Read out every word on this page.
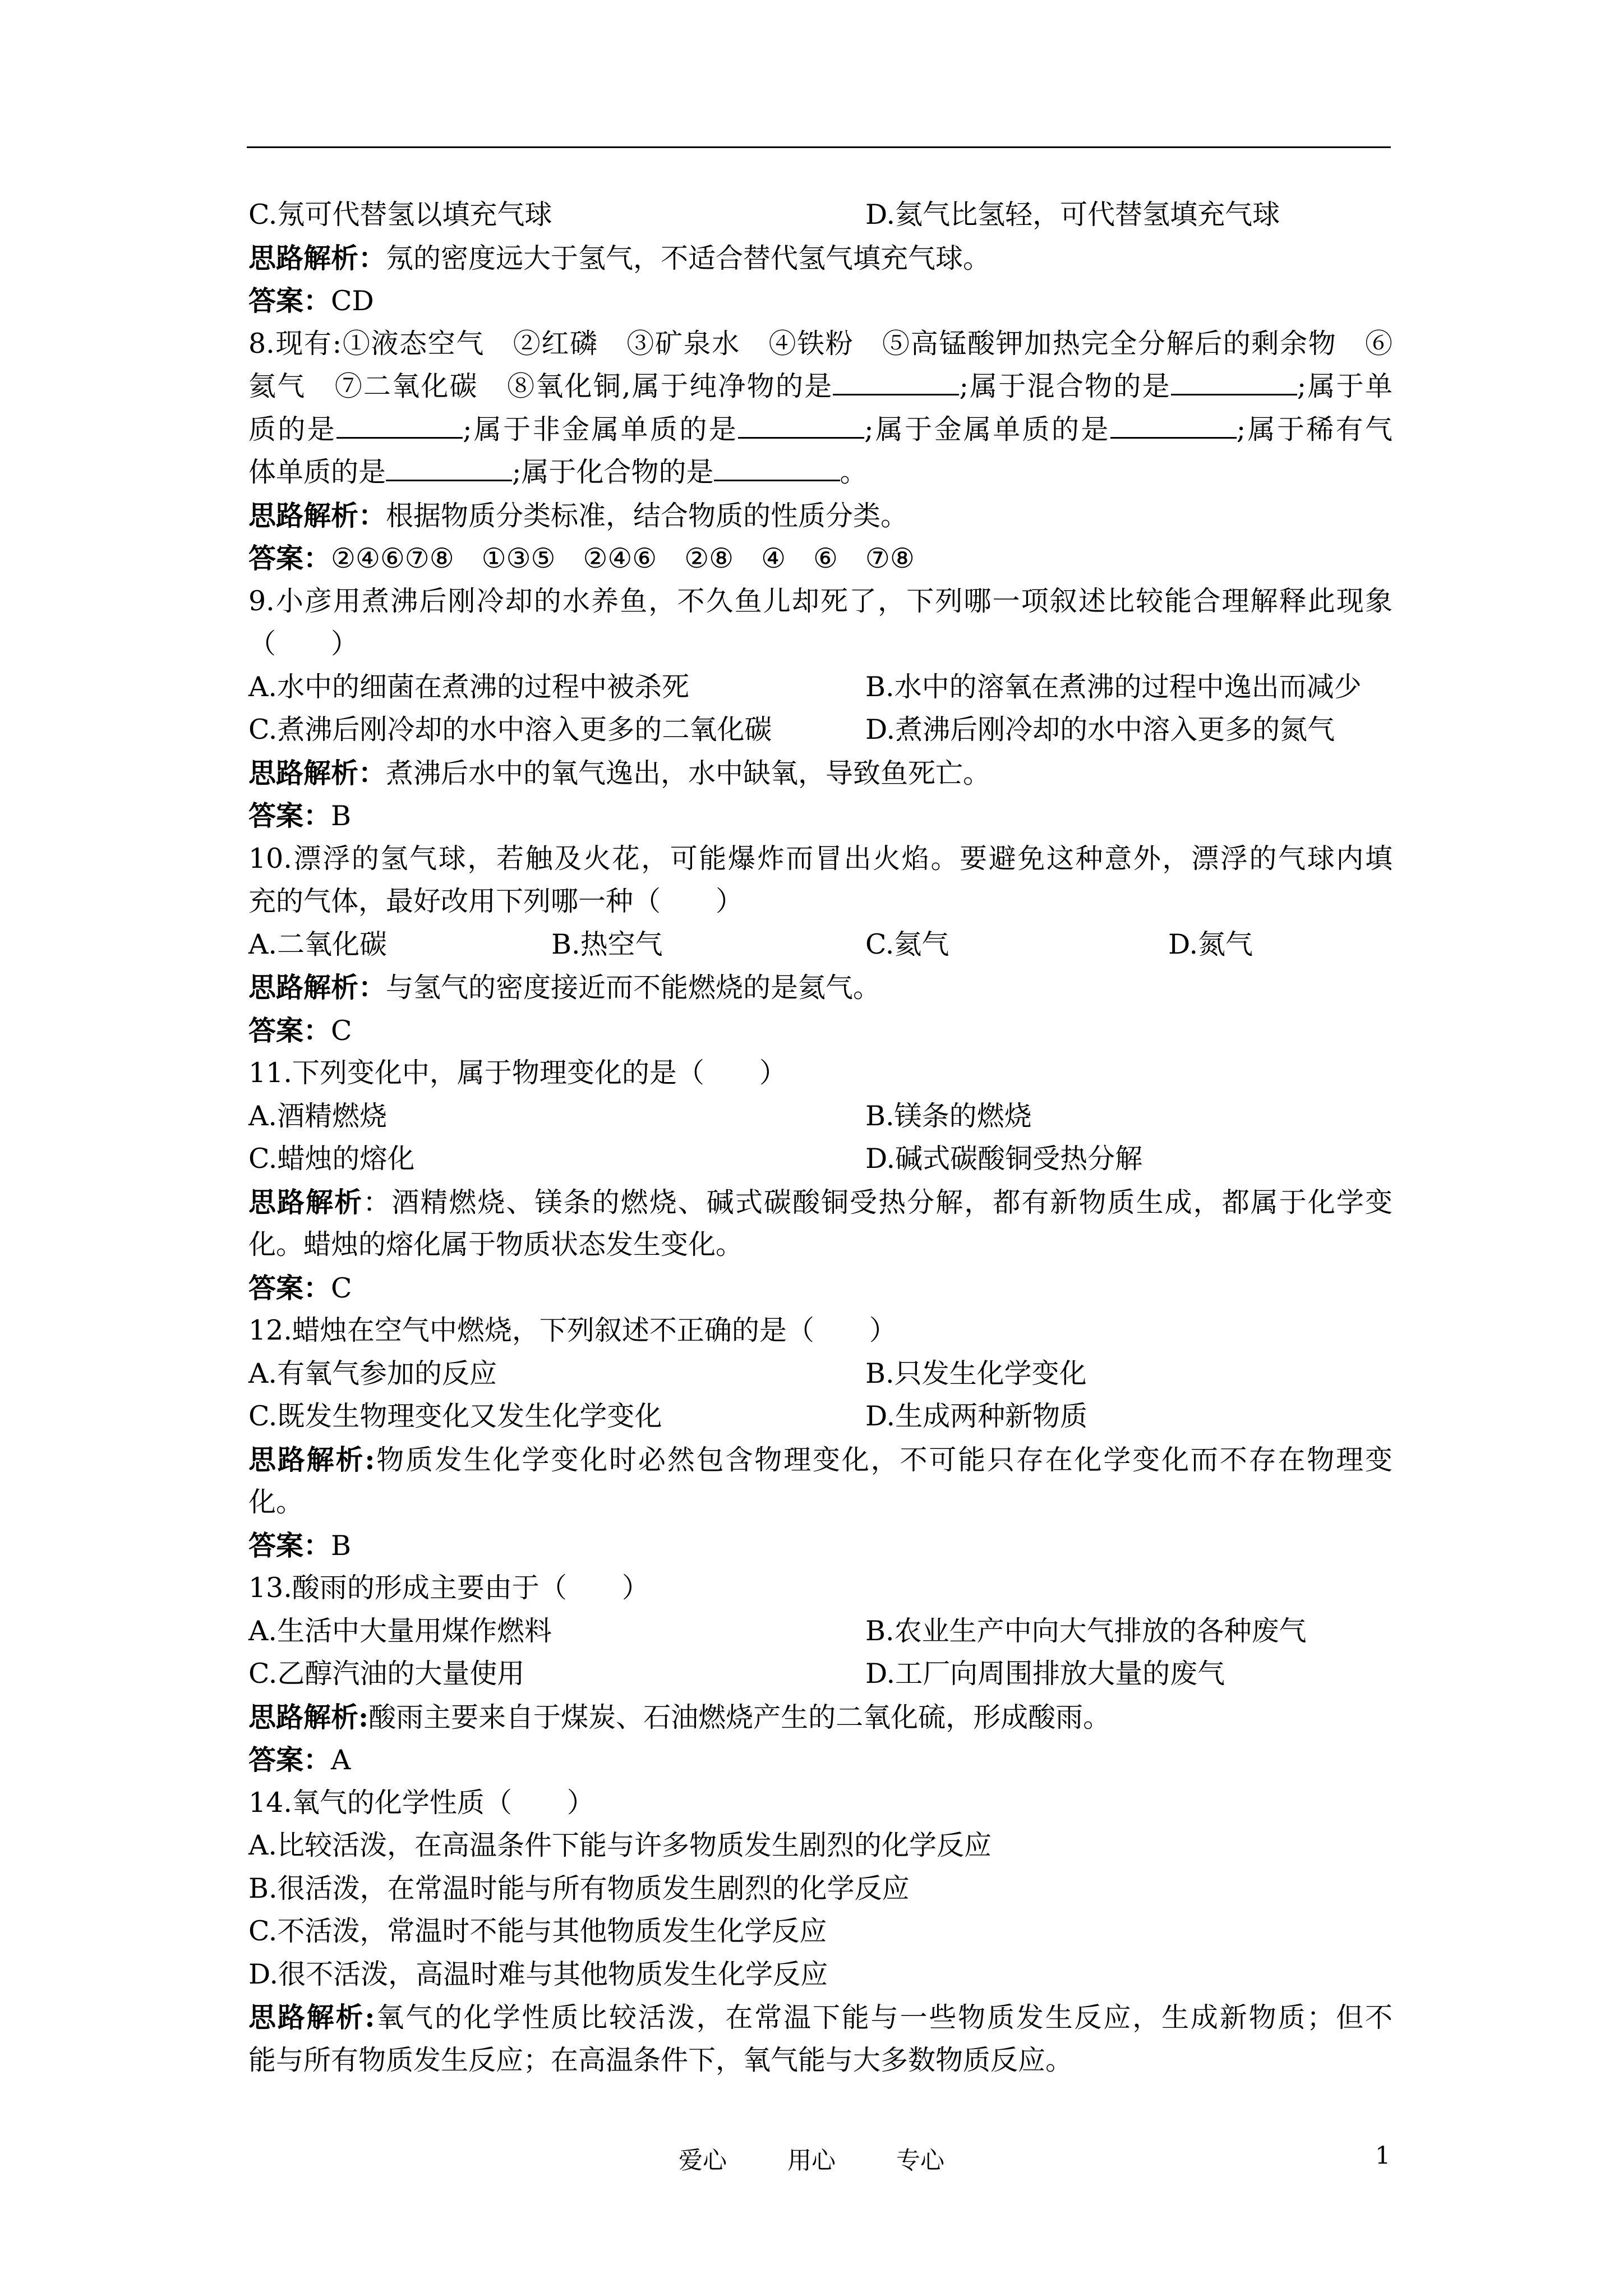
C.氖可代替氢以填充气球	D.氦气比氢轻，可代替氢填充气球
思路解析：氖的密度远大于氢气，不适合替代氢气填充气球。
答案：CD
8.现有:①液态空气　②红磷　③矿泉水　④铁粉　⑤高锰酸钾加热完全分解后的剩余物　⑥
氦气　⑦二氧化碳　⑧氧化铜,属于纯净物的是	;属于混合物的是	;属于单
质的是	;属于非金属单质的是	;属于金属单质的是	;属于稀有气
体单质的是	;属于化合物的是	。
思路解析：根据物质分类标准，结合物质的性质分类。
答案：②④⑥⑦⑧　①③⑤　②④⑥　②⑧　④　⑥　⑦⑧
9.小彦用煮沸后刚冷却的水养鱼，不久鱼儿却死了，下列哪一项叙述比较能合理解释此现象
（　　）
A.水中的细菌在煮沸的过程中被杀死	B.水中的溶氧在煮沸的过程中逸出而减少
C.煮沸后刚冷却的水中溶入更多的二氧化碳	D.煮沸后刚冷却的水中溶入更多的氮气
思路解析：煮沸后水中的氧气逸出，水中缺氧，导致鱼死亡。
答案：B
10.漂浮的氢气球，若触及火花，可能爆炸而冒出火焰。要避免这种意外，漂浮的气球内填
充的气体，最好改用下列哪一种（　　）
A.二氧化碳	B.热空气	C.氦气	D.氮气
思路解析：与氢气的密度接近而不能燃烧的是氦气。
答案：C
11.下列变化中，属于物理变化的是（　　）
A.酒精燃烧	B.镁条的燃烧
C.蜡烛的熔化	D.碱式碳酸铜受热分解
思路解析：酒精燃烧、镁条的燃烧、碱式碳酸铜受热分解，都有新物质生成，都属于化学变
化。蜡烛的熔化属于物质状态发生变化。
答案：C
12.蜡烛在空气中燃烧，下列叙述不正确的是（　　）
A.有氧气参加的反应	B.只发生化学变化
C.既发生物理变化又发生化学变化	D.生成两种新物质
思路解析:物质发生化学变化时必然包含物理变化，不可能只存在化学变化而不存在物理变
化。
答案：B
13.酸雨的形成主要由于（　　）
A.生活中大量用煤作燃料	B.农业生产中向大气排放的各种废气
C.乙醇汽油的大量使用	D.工厂向周围排放大量的废气
思路解析:酸雨主要来自于煤炭、石油燃烧产生的二氧化硫，形成酸雨。
答案：A
14.氧气的化学性质（　　）
A.比较活泼，在高温条件下能与许多物质发生剧烈的化学反应
B.很活泼，在常温时能与所有物质发生剧烈的化学反应
C.不活泼，常温时不能与其他物质发生化学反应
D.很不活泼，高温时难与其他物质发生化学反应
思路解析:氧气的化学性质比较活泼，在常温下能与一些物质发生反应，生成新物质；但不
能与所有物质发生反应；在高温条件下，氧气能与大多数物质反应。
爱心	用心	专心	1
